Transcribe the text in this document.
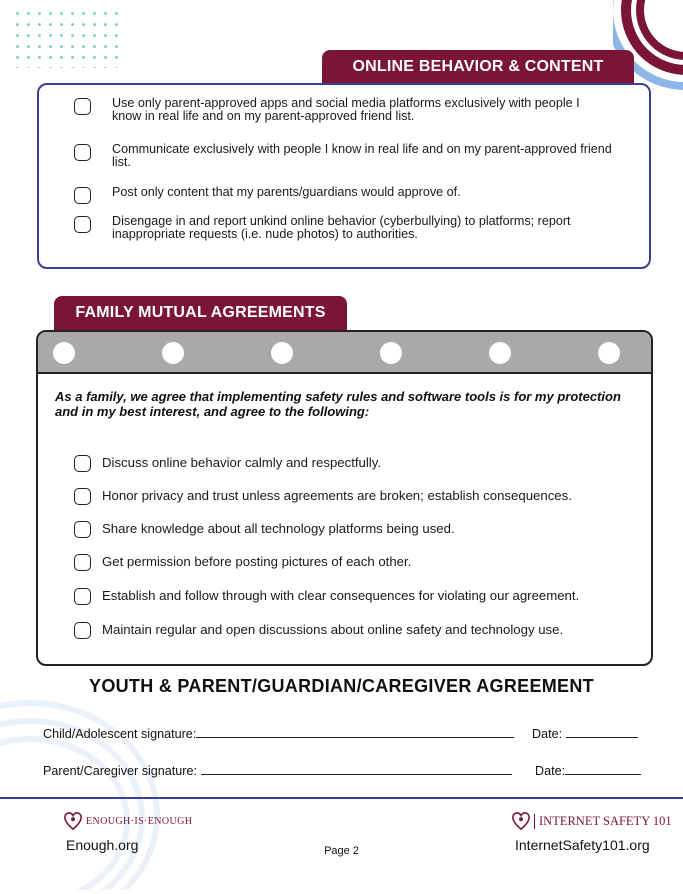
ONLINE BEHAVIOR & CONTENT
Use only parent-approved apps and social media platforms exclusively with people I know in real life and on my parent-approved friend list.
Communicate exclusively with people I know in real life and on my parent-approved friend list.
Post only content that my parents/guardians would approve of.
Disengage in and report unkind online behavior (cyberbullying) to platforms; report inappropriate requests (i.e. nude photos) to authorities.
FAMILY MUTUAL AGREEMENTS
As a family, we agree that implementing safety rules and software tools is for my protection and in my best interest, and agree to the following:
Discuss online behavior calmly and respectfully.
Honor privacy and trust unless agreements are broken; establish consequences.
Share knowledge about all technology platforms being used.
Get permission before posting pictures of each other.
Establish and follow through with clear consequences for violating our agreement.
Maintain regular and open discussions about online safety and technology use.
YOUTH & PARENT/GUARDIAN/CAREGIVER AGREEMENT
Child/Adolescent signature:	Date:
Parent/Caregiver signature:	Date:
ENOUGH·IS·ENOUGH
Enough.org	Page 2
INTERNET SAFETY 101
InternetSafety101.org
